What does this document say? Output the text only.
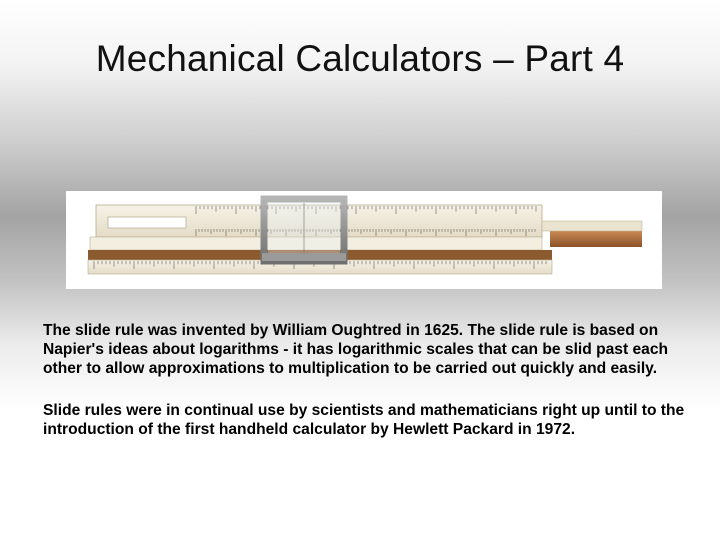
Mechanical Calculators – Part 4

The slide rule was invented by William Oughtred in 1625. The slide rule is based on Napier's ideas about logarithms - it has logarithmic scales that can be slid past each other to allow approximations to multiplication to be carried out quickly and easily.

Slide rules were in continual use by scientists and mathematicians right up until to the introduction of the first handheld calculator by Hewlett Packard in 1972.
